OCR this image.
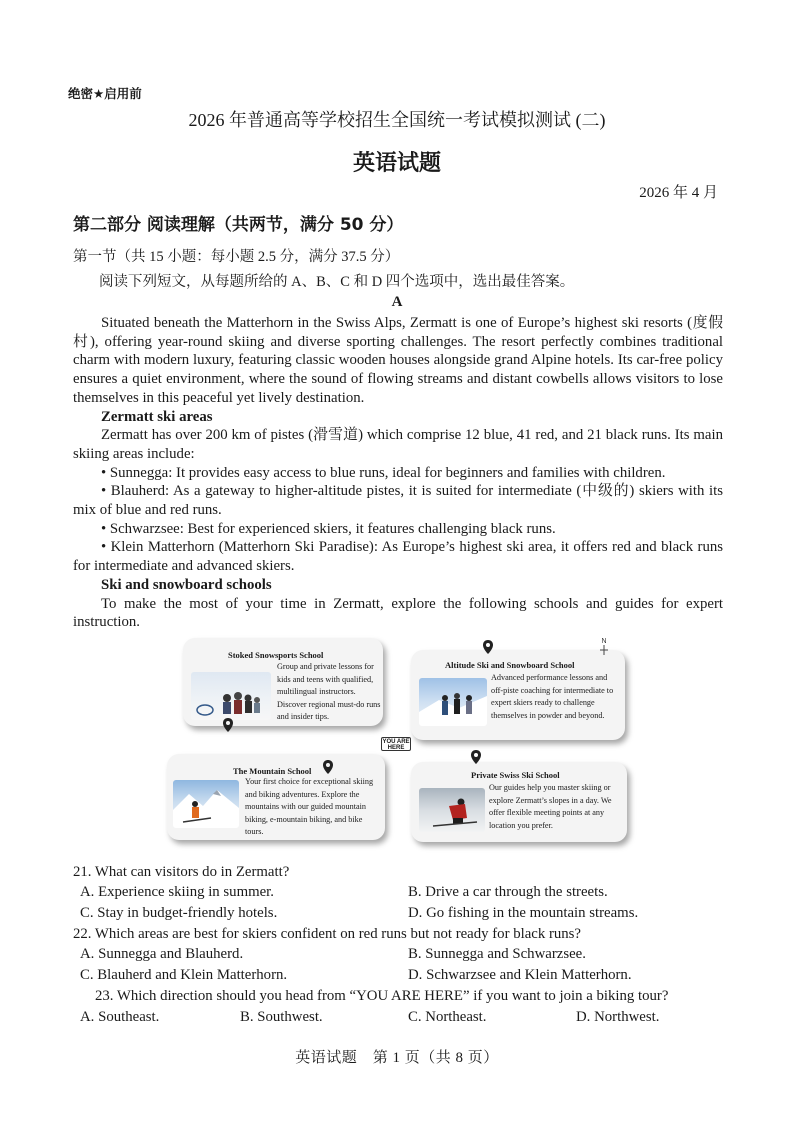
绝密★启用前
2026 年普通高等学校招生全国统一考试模拟测试 (二)
英语试题
2026 年 4 月
第二部分 阅读理解（共两节，满分 50 分）
第一节（共 15 小题：每小题 2.5 分，满分 37.5 分）
阅读下列短文，从每题所给的 A、B、C 和 D 四个选项中，选出最佳答案。
A

Situated beneath the Matterhorn in the Swiss Alps, Zermatt is one of Europe’s highest ski resorts (度假村), offering year-round skiing and diverse sporting challenges. The resort perfectly combines traditional charm with modern luxury, featuring classic wooden houses alongside grand Alpine hotels. Its car-free policy ensures a quiet environment, where the sound of flowing streams and distant cowbells allows visitors to lose themselves in this peaceful yet lively destination.

Zermatt ski areas

Zermatt has over 200 km of pistes (滑雪道) which comprise 12 blue, 41 red, and 21 black runs. Its main skiing areas include:

• Sunnegga: It provides easy access to blue runs, ideal for beginners and families with children.

• Blauherd: As a gateway to higher-altitude pistes, it is suited for intermediate (中级的) skiers with its mix of blue and red runs.

• Schwarzsee: Best for experienced skiers, it features challenging black runs.

• Klein Matterhorn (Matterhorn Ski Paradise): As Europe’s highest ski area, it offers red and black runs for intermediate and advanced skiers.

Ski and snowboard schools

To make the most of your time in Zermatt, explore the following schools and guides for expert instruction.

Stoked Snowsports School
Group and private lessons for kids and teens with qualified, multilingual instructors. Discover regional must-do runs and insider tips.
Altitude Ski and Snowboard School
Advanced performance lessons and off-piste coaching for intermediate to expert skiers ready to challenge themselves in powder and beyond.
The Mountain School
Your first choice for exceptional skiing and biking adventures. Explore the mountains with our guided mountain biking, e-mountain biking, and bike tours.
Private Swiss Ski School
Our guides help you master skiing or explore Zermatt’s slopes in a day. We offer flexible meeting points at any location you prefer.
N
YOU ARE HERE
21. What can visitors do in Zermatt?
A. Experience skiing in summer.	B. Drive a car through the streets.
C. Stay in budget-friendly hotels.	D. Go fishing in the mountain streams.
22. Which areas are best for skiers confident on red runs but not ready for black runs?
A. Sunnegga and Blauherd.	B. Sunnegga and Schwarzsee.
C. Blauherd and Klein Matterhorn.	D. Schwarzsee and Klein Matterhorn.
23. Which direction should you head from “YOU ARE HERE” if you want to join a biking tour?
A. Southeast.	B. Southwest.	C. Northeast.	D. Northwest.
英语试题　第 1 页（共 8 页）
